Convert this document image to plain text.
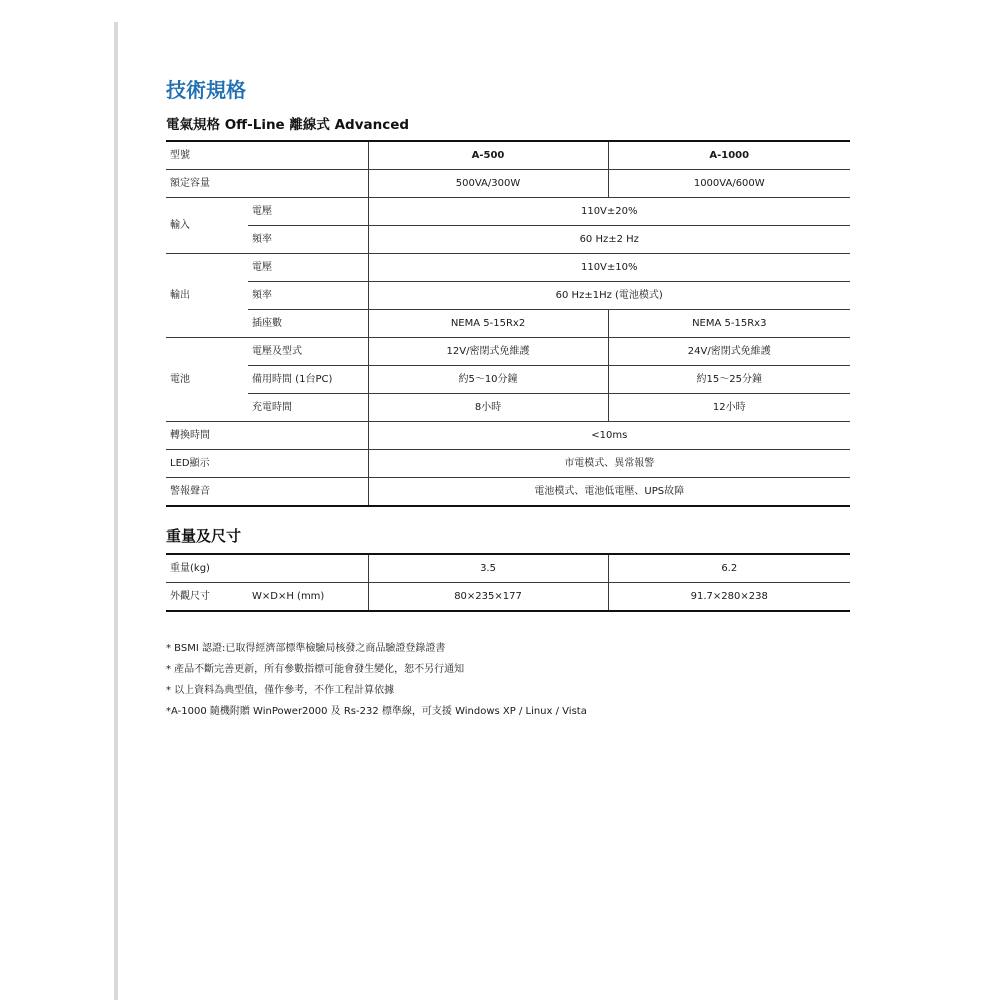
技術規格
電氣規格 Off-Line 離線式 Advanced
型號		A-500	A-1000
額定容量		500VA/300W	1000VA/600W
輸入	電壓	110V±20%	
	頻率	60 Hz±2 Hz	
輸出	電壓	110V±10%	
	頻率	60 Hz±1Hz (電池模式)	
	插座數	NEMA 5-15Rx2	NEMA 5-15Rx3
電池	電壓及型式	12V/密閉式免維護	24V/密閉式免維護
	備用時間 (1台PC)	約5～10分鐘	約15～25分鐘
	充電時間	8小時	12小時
轉換時間		<10ms	
LED顯示		市電模式、異常報警	
警報聲音		電池模式、電池低電壓、UPS故障	
重量及尺寸
重量(kg)		3.5	6.2
外觀尺寸	W×D×H (mm)	80×235×177	91.7×280×238
* BSMI 認證:已取得經濟部標準檢驗局核發之商品驗證登錄證書
* 產品不斷完善更新，所有參數指標可能會發生變化，恕不另行通知
* 以上資料為典型值，僅作參考，不作工程計算依據
*A-1000 隨機附贈 WinPower2000 及 Rs-232 標準線，可支援 Windows XP / Linux / Vista
